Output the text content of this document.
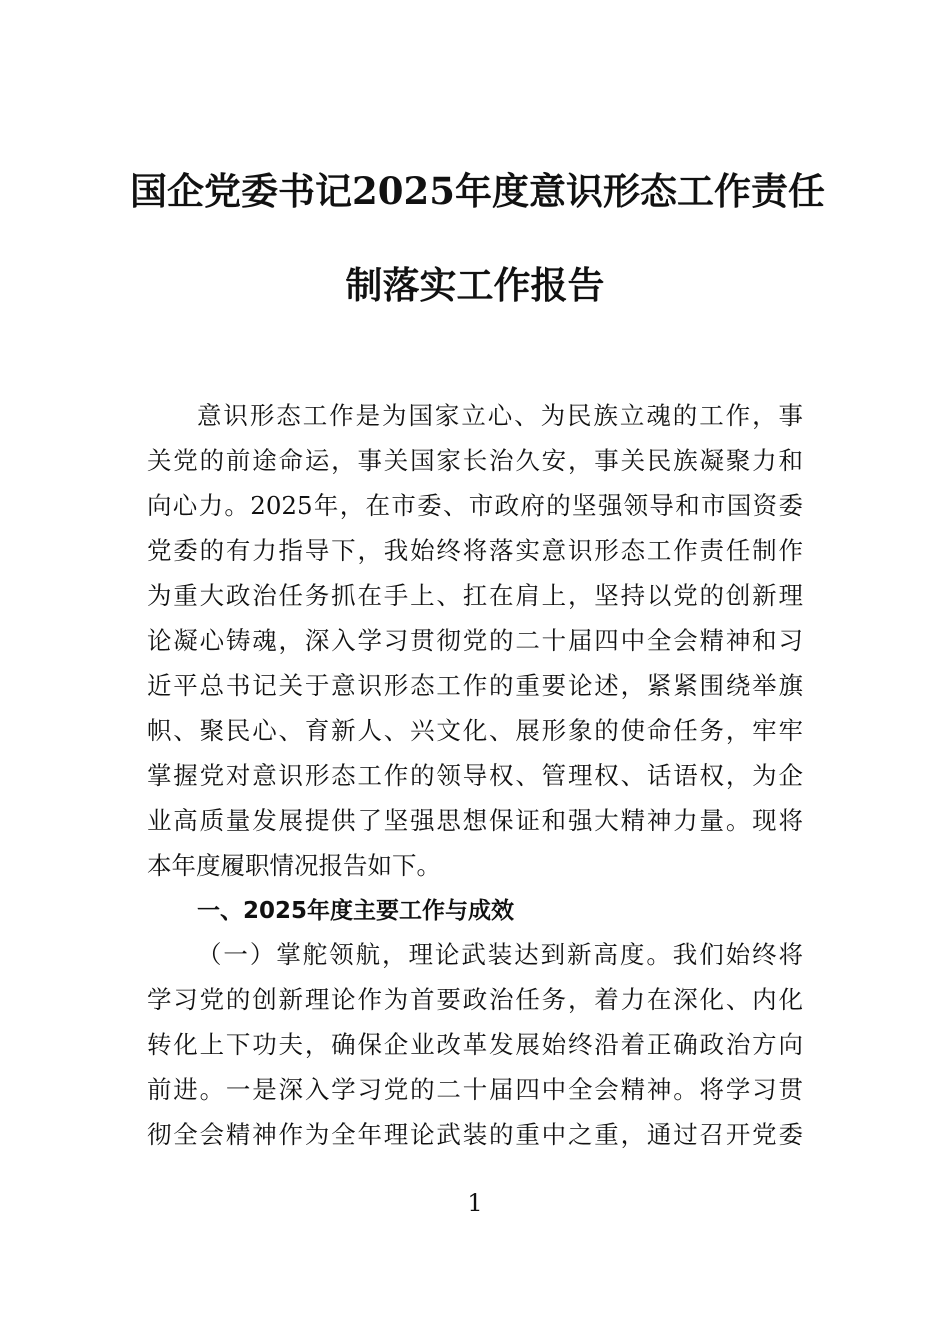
国企党委书记2025年度意识形态工作责任
制落实工作报告
意识形态工作是为国家立心、为民族立魂的工作，事
关党的前途命运，事关国家长治久安，事关民族凝聚力和
向心力。2025年，在市委、市政府的坚强领导和市国资委
党委的有力指导下，我始终将落实意识形态工作责任制作
为重大政治任务抓在手上、扛在肩上，坚持以党的创新理
论凝心铸魂，深入学习贯彻党的二十届四中全会精神和习
近平总书记关于意识形态工作的重要论述，紧紧围绕举旗
帜、聚民心、育新人、兴文化、展形象的使命任务，牢牢
掌握党对意识形态工作的领导权、管理权、话语权，为企
业高质量发展提供了坚强思想保证和强大精神力量。现将
本年度履职情况报告如下。
一、2025年度主要工作与成效
（一）掌舵领航，理论武装达到新高度。我们始终将
学习党的创新理论作为首要政治任务，着力在深化、内化
转化上下功夫，确保企业改革发展始终沿着正确政治方向
前进。一是深入学习党的二十届四中全会精神。将学习贯
彻全会精神作为全年理论武装的重中之重，通过召开党委
1
